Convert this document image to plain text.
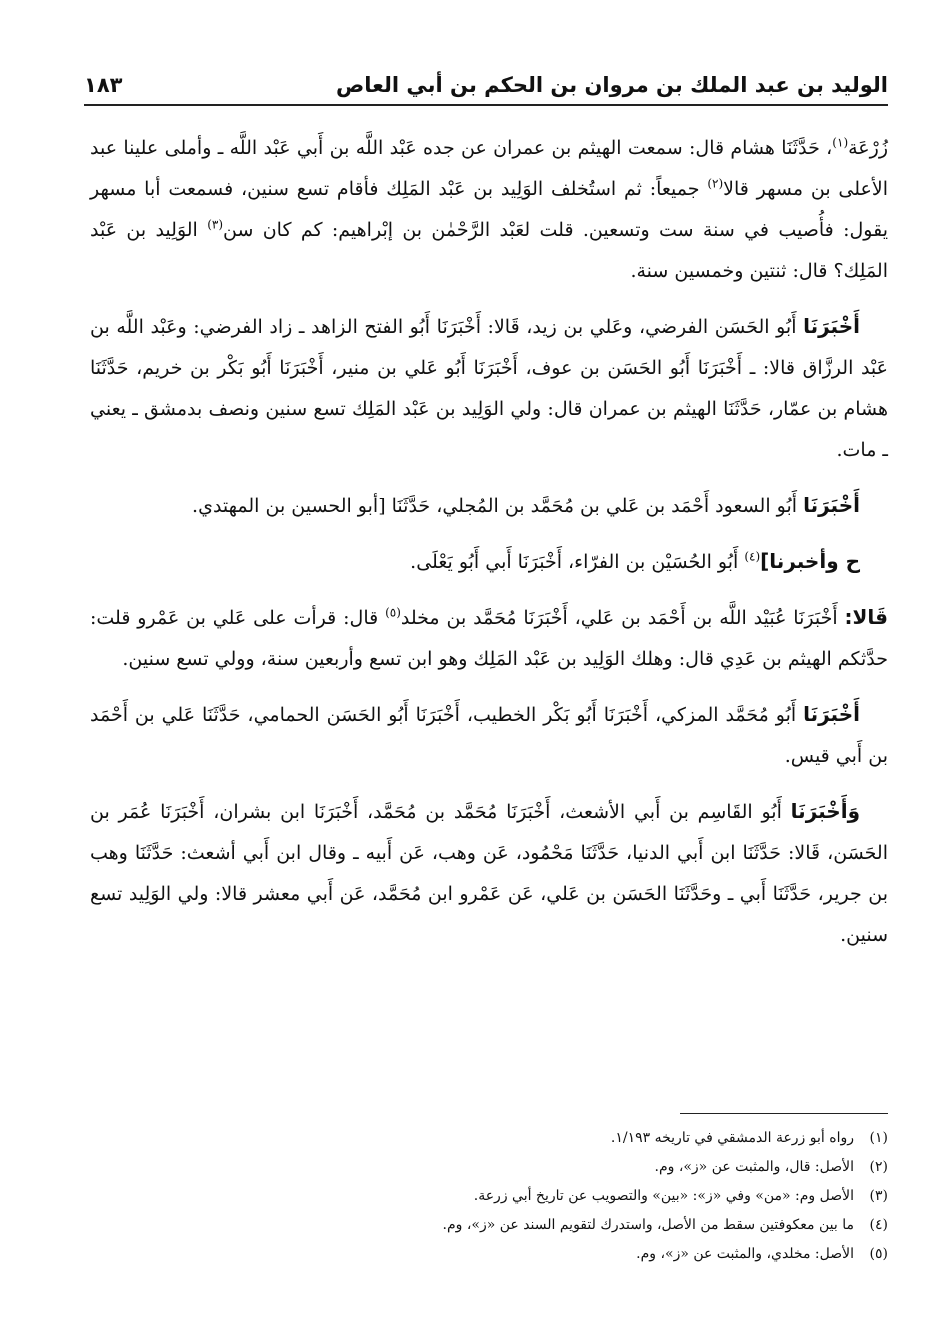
الوليد بن عبد الملك بن مروان بن الحكم بن أبي العاص
١٨٣

زُرْعَة$^{(١)}$، حَدَّثَنَا هشام قال: سمعت الهيثم بن عمران عن جده عَبْد اللَّه بن أَبي عَبْد اللَّه ـ وأملى علينا عبد الأعلى بن مسهر قالا$^{(٢)}$ جميعاً: ثم استُخلف الوَلِيد بن عَبْد المَلِك فأقام تسع سنين، فسمعت أبا مسهر يقول: فأُصيب في سنة ست وتسعين. قلت لعَبْد الرَّحْمٰن بن إبْراهيم: كم كان سن$^{(٣)}$ الوَلِيد بن عَبْد المَلِك؟ قال: ثنتين وخمسين سنة.

أَخْبَرَنَا أَبُو الحَسَن الفرضي، وعَلي بن زيد، قَالا: أَخْبَرَنَا أَبُو الفتح الزاهد ـ زاد الفرضي: وعَبْد اللَّه بن عَبْد الرزَّاق قالا: ـ أَخْبَرَنَا أَبُو الحَسَن بن عوف، أَخْبَرَنَا أَبُو عَلي بن منير، أَخْبَرَنَا أَبُو بَكْر بن خريم، حَدَّثَنَا هشام بن عمّار، حَدَّثَنَا الهيثم بن عمران قال: ولي الوَلِيد بن عَبْد المَلِك تسع سنين ونصف بدمشق ـ يعني ـ مات.

أَخْبَرَنَا أَبُو السعود أَحْمَد بن عَلي بن مُحَمَّد بن المُجلي، حَدَّثَنَا [أبو الحسين بن المهتدي.

ح وأخبرنا]$^{(٤)}$ أَبُو الحُسَيْن بن الفرّاء، أَخْبَرَنَا أَبي أَبُو يَعْلَى.

قَالا: أَخْبَرَنَا عُبَيْد اللَّه بن أَحْمَد بن عَلي، أَخْبَرَنَا مُحَمَّد بن مخلد$^{(٥)}$ قال: قرأت على عَلي بن عَمْرو قلت: حدَّثكم الهيثم بن عَدِي قال: وهلك الوَلِيد بن عَبْد المَلِك وهو ابن تسع وأربعين سنة، وولي تسع سنين.

أَخْبَرَنَا أَبُو مُحَمَّد المزكي، أَخْبَرَنَا أَبُو بَكْر الخطيب، أَخْبَرَنَا أَبُو الحَسَن الحمامي، حَدَّثَنَا عَلي بن أَحْمَد بن أَبي قيس.

وَأَخْبَرَنَا أَبُو القَاسِم بن أَبي الأشعث، أَخْبَرَنَا مُحَمَّد بن مُحَمَّد، أَخْبَرَنَا ابن بشران، أَخْبَرَنَا عُمَر بن الحَسَن، قَالا: حَدَّثَنَا ابن أَبي الدنيا، حَدَّثَنَا مَحْمُود، عَن وهب، عَن أَبيه ـ وقال ابن أَبي أشعث: حَدَّثَنَا وهب بن جرير، حَدَّثَنَا أَبي ـ وحَدَّثَنَا الحَسَن بن عَلي، عَن عَمْرو ابن مُحَمَّد، عَن أَبي معشر قالا: ولي الوَلِيد تسع سنين.

(١)رواه أبو زرعة الدمشقي في تاريخه ١/١٩٣.

(٢)الأصل: قال، والمثبت عن «ز»، وم.

(٣)الأصل وم: «من» وفي «ز»: «بين» والتصويب عن تاريخ أبي زرعة.

(٤)ما بين معكوفتين سقط من الأصل، واستدرك لتقويم السند عن «ز»، وم.

(٥)الأصل: مخلدي، والمثبت عن «ز»، وم.
